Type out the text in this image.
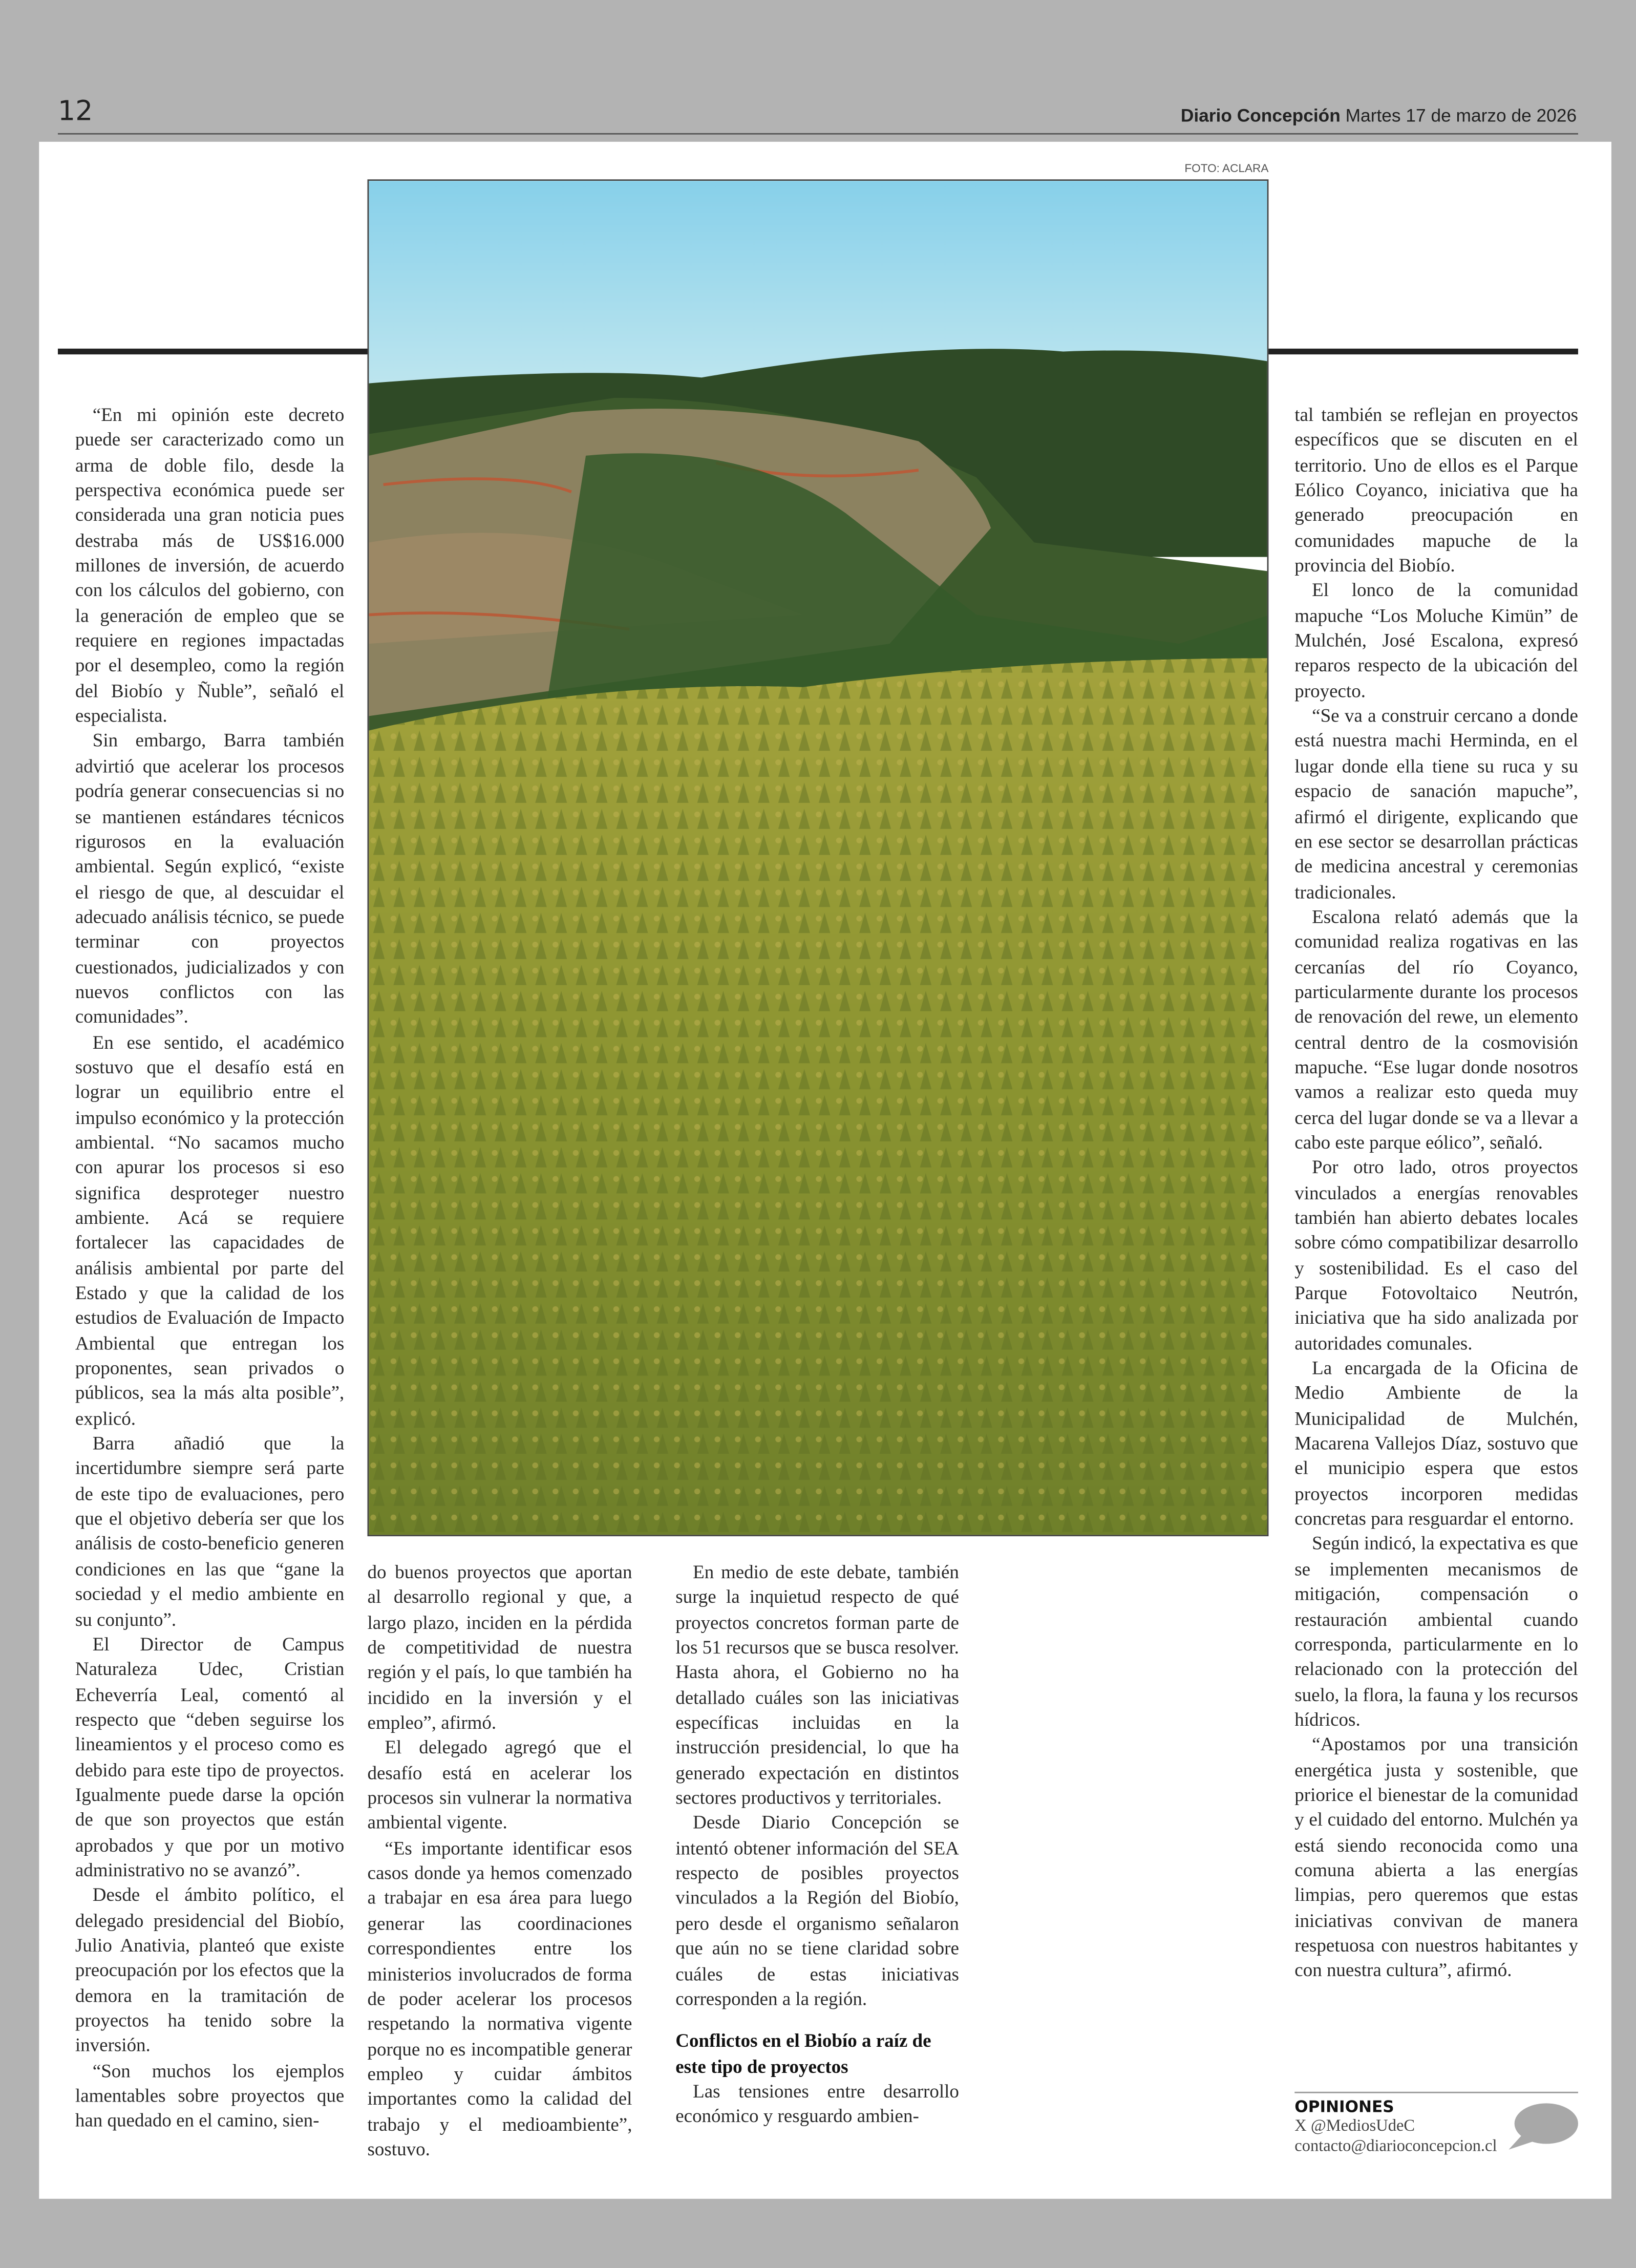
12	Diario Concepción Martes 17 de marzo de 2026
FOTO: ACLARA

“En mi opinión este decreto puede ser caracterizado como un arma de doble filo, desde la perspectiva económica puede ser considerada una gran noticia pues destraba más de US$16.000 millones de inversión, de acuerdo con los cálculos del gobierno, con la generación de empleo que se requiere en regiones impactadas por el desempleo, como la región del Biobío y Ñuble”, señaló el especialista.

Sin embargo, Barra también advirtió que acelerar los procesos podría generar consecuencias si no se mantienen estándares técnicos rigurosos en la evaluación ambiental. Según explicó, “existe el riesgo de que, al descuidar el adecuado análisis técnico, se puede terminar con proyectos cuestionados, judicializados y con nuevos conflictos con las comunidades”.

En ese sentido, el académico sostuvo que el desafío está en lograr un equilibrio entre el impulso económico y la protección ambiental. “No sacamos mucho con apurar los procesos si eso significa desproteger nuestro ambiente. Acá se requiere fortalecer las capacidades de análisis ambiental por parte del Estado y que la calidad de los estudios de Evaluación de Impacto Ambiental que entregan los proponentes, sean privados o públicos, sea la más alta posible”, explicó.

Barra añadió que la incertidumbre siempre será parte de este tipo de evaluaciones, pero que el objetivo debería ser que los análisis de costo-beneficio generen condiciones en las que “gane la sociedad y el medio ambiente en su conjunto”.

El Director de Campus Naturaleza Udec, Cristian Echeverría Leal, comentó al respecto que “deben seguirse los lineamientos y el proceso como es debido para este tipo de proyectos. Igualmente puede darse la opción de que son proyectos que están aprobados y que por un motivo administrativo no se avanzó”.

Desde el ámbito político, el delegado presidencial del Biobío, Julio Anativia, planteó que existe preocupación por los efectos que la demora en la tramitación de proyectos ha tenido sobre la inversión.

“Son muchos los ejemplos lamentables sobre proyectos que han quedado en el camino, sien-

do buenos proyectos que aportan al desarrollo regional y que, a largo plazo, inciden en la pérdida de competitividad de nuestra región y el país, lo que también ha incidido en la inversión y el empleo”, afirmó.

El delegado agregó que el desafío está en acelerar los procesos sin vulnerar la normativa ambiental vigente.

“Es importante identificar esos casos donde ya hemos comenzado a trabajar en esa área para luego generar las coordinaciones correspondientes entre los ministerios involucrados de forma de poder acelerar los procesos respetando la normativa vigente porque no es incompatible generar empleo y cuidar ámbitos importantes como la calidad del trabajo y el medioambiente”, sostuvo.

En medio de este debate, también surge la inquietud respecto de qué proyectos concretos forman parte de los 51 recursos que se busca resolver. Hasta ahora, el Gobierno no ha detallado cuáles son las iniciativas específicas incluidas en la instrucción presidencial, lo que ha generado expectación en distintos sectores productivos y territoriales.

Desde Diario Concepción se intentó obtener información del SEA respecto de posibles proyectos vinculados a la Región del Biobío, pero desde el organismo señalaron que aún no se tiene claridad sobre cuáles de estas iniciativas corresponden a la región.

Conflictos en el Biobío a raíz de este tipo de proyectos

Las tensiones entre desarrollo económico y resguardo ambien-

tal también se reflejan en proyectos específicos que se discuten en el territorio. Uno de ellos es el Parque Eólico Coyanco, iniciativa que ha generado preocupación en comunidades mapuche de la provincia del Biobío.

El lonco de la comunidad mapuche “Los Moluche Kimün” de Mulchén, José Escalona, expresó reparos respecto de la ubicación del proyecto.

“Se va a construir cercano a donde está nuestra machi Herminda, en el lugar donde ella tiene su ruca y su espacio de sanación mapuche”, afirmó el dirigente, explicando que en ese sector se desarrollan prácticas de medicina ancestral y ceremonias tradicionales.

Escalona relató además que la comunidad realiza rogativas en las cercanías del río Coyanco, particularmente durante los procesos de renovación del rewe, un elemento central dentro de la cosmovisión mapuche. “Ese lugar donde nosotros vamos a realizar esto queda muy cerca del lugar donde se va a llevar a cabo este parque eólico”, señaló.

Por otro lado, otros proyectos vinculados a energías renovables también han abierto debates locales sobre cómo compatibilizar desarrollo y sostenibilidad. Es el caso del Parque Fotovoltaico Neutrón, iniciativa que ha sido analizada por autoridades comunales.

La encargada de la Oficina de Medio Ambiente de la Municipalidad de Mulchén, Macarena Vallejos Díaz, sostuvo que el municipio espera que estos proyectos incorporen medidas concretas para resguardar el entorno.

Según indicó, la expectativa es que se implementen mecanismos de mitigación, compensación o restauración ambiental cuando corresponda, particularmente en lo relacionado con la protección del suelo, la flora, la fauna y los recursos hídricos.

“Apostamos por una transición energética justa y sostenible, que priorice el bienestar de la comunidad y el cuidado del entorno. Mulchén ya está siendo reconocida como una comuna abierta a las energías limpias, pero queremos que estas iniciativas convivan de manera respetuosa con nuestros habitantes y con nuestra cultura”, afirmó.

OPINIONES
X @MediosUdeC
contacto@diarioconcepcion.cl
